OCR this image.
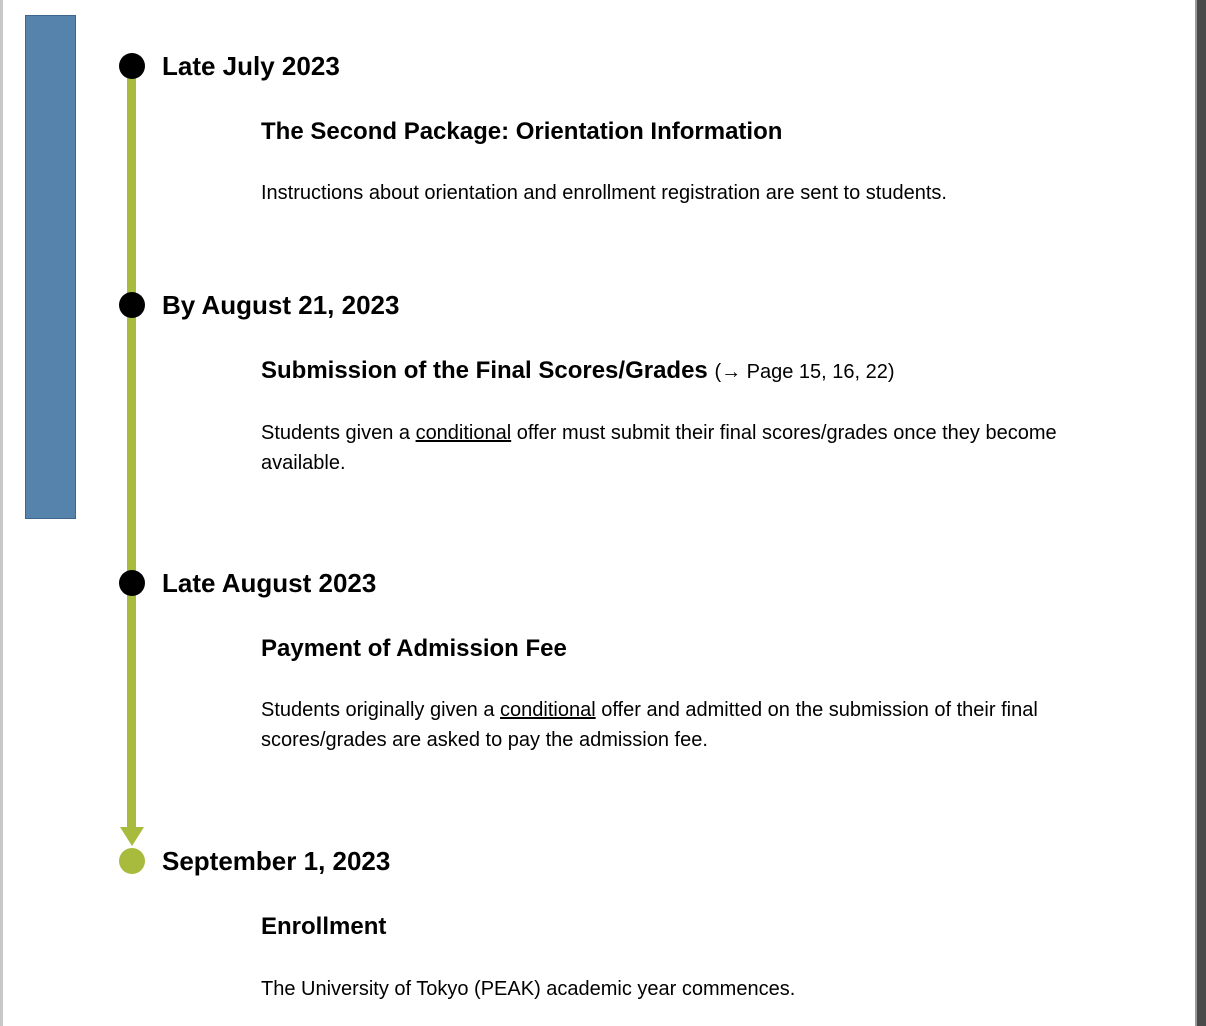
Ⅰ.OVERVIEW OF THE APPLICATION PROCESS	Late July 2023
The Second Package: Orientation Information
Instructions about orientation and enrollment registration are sent to students.
By August 21, 2023
Submission of the Final Scores/Grades (→ Page 15, 16, 22)
Students given a conditional offer must submit their final scores/grades once they become available.
Late August 2023
Payment of Admission Fee
Students originally given a conditional offer and admitted on the submission of their final scores/grades are asked to pay the admission fee.
September 1, 2023
Enrollment
The University of Tokyo (PEAK) academic year commences.
